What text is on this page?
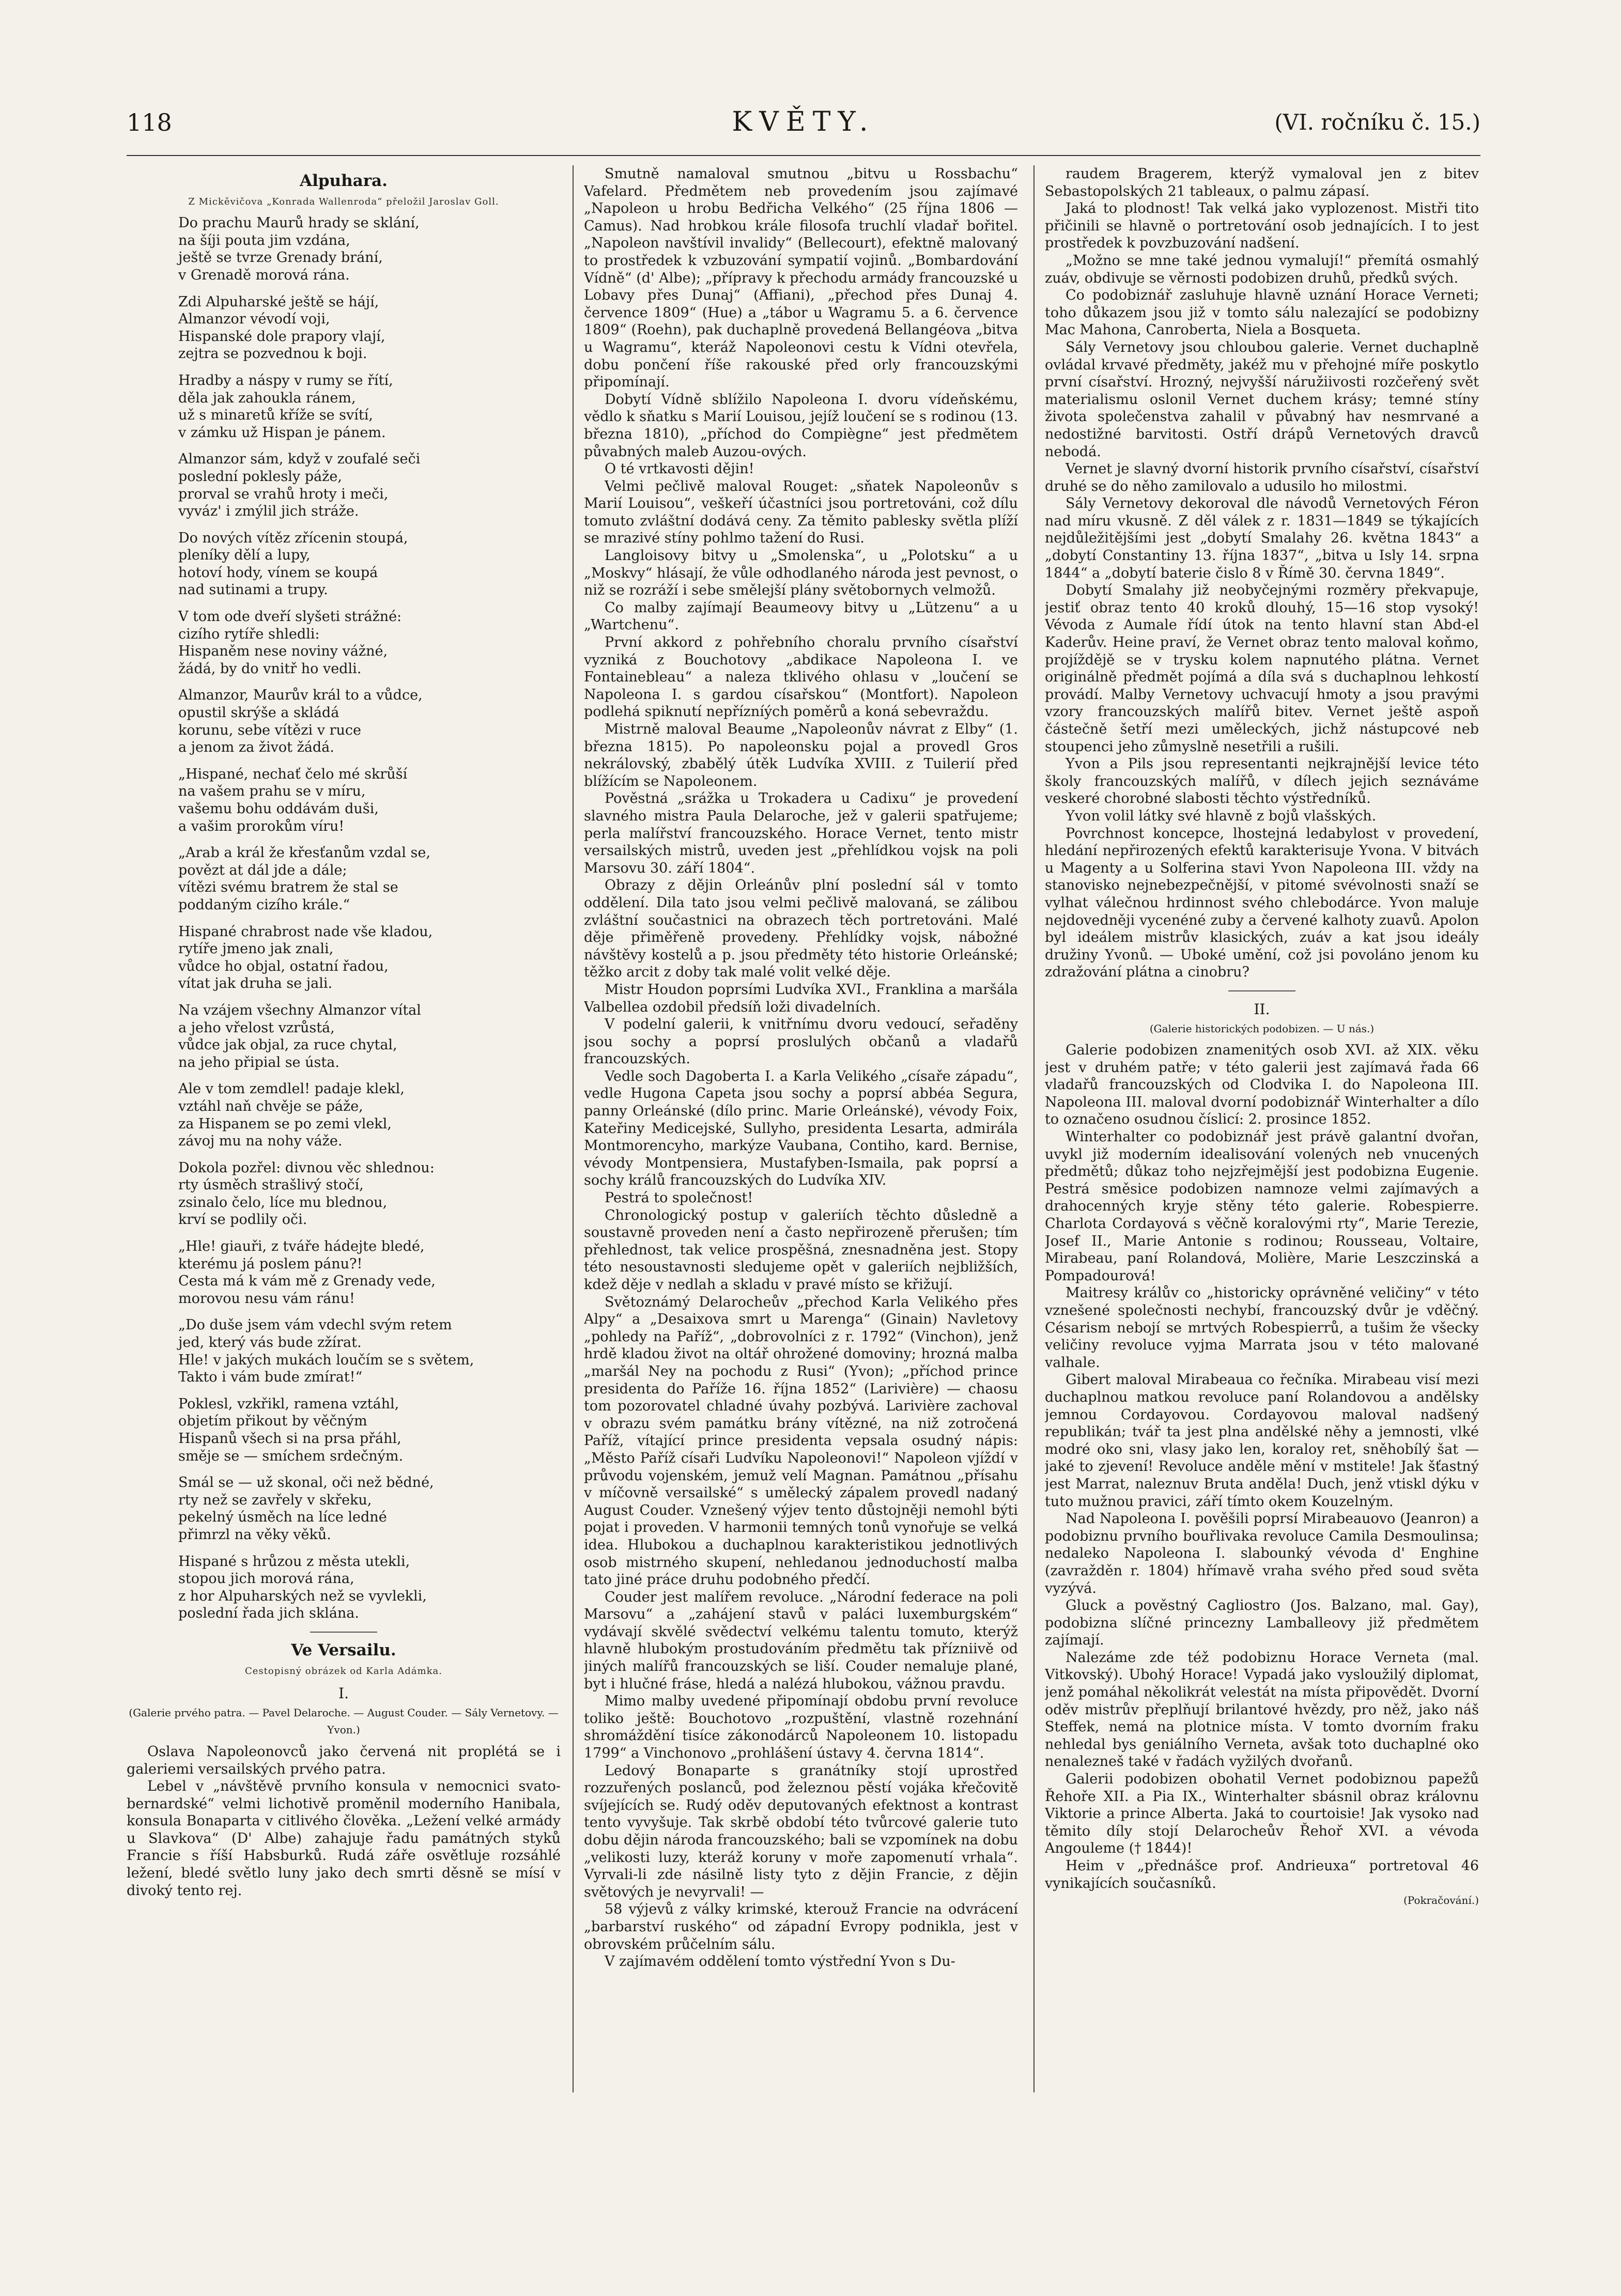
118	KVĚTY.	(VI. ročníku č. 15.)
Alpuhara.
Z Mickěvičova „Konrada Wallenroda“ přeložil Jaroslav Goll.
Do prachu Maurů hrady se sklání,
na šíji pouta jim vzdána,
ještě se tvrze Grenady brání,
v Grenadě morová rána.
Zdi Alpuharské ještě se hájí,
Almanzor vévodí voji,
Hispanské dole prapory vlají,
zejtra se pozvednou k boji.
Hradby a náspy v rumy se řítí,
děla jak zahoukla ránem,
už s minaretů kříže se svítí,
v zámku už Hispan je pánem.
Almanzor sám, když v zoufalé seči
poslední poklesly páže,
prorval se vrahů hroty i meči,
vyváz' i zmýlil jich stráže.
Do nových vítěz zřícenin stoupá,
pleníky dělí a lupy,
hotoví hody, vínem se koupá
nad sutinami a trupy.
V tom ode dveří slyšeti strážné:
cizího rytíře shledli:
Hispaněm nese noviny vážné,
žádá, by do vnitř ho vedli.
Almanzor, Maurův král to a vůdce,
opustil skrýše a skládá
korunu, sebe vítězi v ruce
a jenom za život žádá.
„Hispané, nechať čelo mé skrůší
na vašem prahu se v míru,
vašemu bohu oddávám duši,
a vašim prorokům víru!
„Arab a král že křesťanům vzdal se,
povězt at dál jde a dále;
vítězi svému bratrem že stal se
poddaným cizího krále.“
Hispané chrabrost nade vše kladou,
rytíře jmeno jak znali,
vůdce ho objal, ostatní řadou,
vítat jak druha se jali.
Na vzájem všechny Almanzor vítal
a jeho vřelost vzrůstá,
vůdce jak objal, za ruce chytal,
na jeho připial se ústa.
Ale v tom zemdlel! padaje klekl,
vztáhl naň chvěje se páže,
za Hispanem se po zemi vlekl,
závoj mu na nohy váže.
Dokola pozřel: divnou věc shlednou:
rty úsměch strašlivý stočí,
zsinalo čelo, líce mu blednou,
krví se podlily oči.
„Hle! giauři, z tváře hádejte bledé,
kterému já poslem pánu?!
Cesta má k vám mě z Grenady vede,
morovou nesu vám ránu!
„Do duše jsem vám vdechl svým retem
jed, který vás bude zžírat.
Hle! v jakých mukách loučím se s světem,
Takto i vám bude zmírat!“
Poklesl, vzkřikl, ramena vztáhl,
objetím přikout by věčným
Hispanů všech si na prsa přáhl,
směje se — smíchem srdečným.
Smál se — už skonal, oči než bědné,
rty než se zavřely v skřeku,
pekelný úsměch na líce ledné
přimrzl na věky věků.
Hispané s hrůzou z města utekli,
stopou jich morová rána,
z hor Alpuharských než se vyvlekli,
poslední řada jich sklána.
Ve Versailu.
Cestopisný obrázek od Karla Adámka.
I.
(Galerie prvého patra. — Pavel Delaroche. — August Couder. — Sály Vernetovy. — Yvon.)

Oslava Napoleonovců jako červená nit proplétá se i galeriemi versailských prvého patra.

Lebel v „návštěvě prvního konsula v nemocnici svato-bernardské“ velmi lichotivě proměnil moderního Hanibala, konsula Bonaparta v citlivého člověka. „Ležení velké armády u Slavkova“ (D' Albe) zahajuje řadu památných styků Francie s říší Habsburků. Rudá záře osvětluje rozsáhlé ležení, bledé světlo luny jako dech smrti děsně se mísí v divoký tento rej.

Smutně namaloval smutnou „bitvu u Rossbachu“ Vafelard. Předmětem neb provedením jsou zajímavé „Napoleon u hrobu Bedřicha Velkého“ (25 října 1806 — Camus). Nad hrobkou krále filosofa truchlí vladař bořitel. „Napoleon navštívil invalidy“ (Bellecourt), efektně malovaný to prostředek k vzbuzování sympatií vojinů. „Bombardování Vídně“ (d' Albe); „přípravy k přechodu armády francouzské u Lobavy přes Dunaj“ (Affiani), „přechod přes Dunaj 4. července 1809“ (Hue) a „tábor u Wagramu 5. a 6. července 1809“ (Roehn), pak duchaplně provedená Bellangéova „bitva u Wagramu“, kteráž Napoleonovi cestu k Vídni otevřela, dobu pončení říše rakouské před orly francouzskými připomínají.

Dobytí Vídně sblížilo Napoleona I. dvoru vídeňskému, vědlo k sňatku s Marií Louisou, jejíž loučení se s rodinou (13. března 1810), „příchod do Compiègne“ jest předmětem půvabných maleb Auzou-ových.

O té vrtkavosti dějin!

Velmi pečlivě maloval Rouget: „sňatek Napoleonův s Marií Louisou“, veškeří účastníci jsou portretováni, což dílu tomuto zvláštní dodává ceny. Za těmito pablesky světla plíží se mrazivé stíny pohlmo tažení do Rusi.

Langloisovy bitvy u „Smolenska“, u „Polotsku“ a u „Moskvy“ hlásají, že vůle odhodlaného národa jest pevnost, o niž se rozráží i sebe smělejší plány světobornych velmožů.

Co malby zajímají Beaumeovy bitvy u „Lützenu“ a u „Wartchenu“.

První akkord z pohřebního choralu prvního císařství vyzniká z Bouchotovy „abdikace Napoleona I. ve Fontainebleau“ a naleza tklivého ohlasu v „loučení se Napoleona I. s gardou císařskou“ (Montfort). Napoleon podlehá spiknutí nepřízníých poměrů a koná sebevraždu.

Mistrně maloval Beaume „Napoleonův návrat z Elby“ (1. března 1815). Po napoleonsku pojal a provedl Gros nekrálovský, zbabělý útěk Ludvíka XVIII. z Tuilerií před blížícím se Napoleonem.

Pověstná „srážka u Trokadera u Cadixu“ je provedení slavného mistra Paula Delaroche, jež v galerii spatřujeme; perla malířství francouzského. Horace Vernet, tento mistr versailských mistrů, uveden jest „přehlídkou vojsk na poli Marsovu 30. září 1804“.

Obrazy z dějin Orleánův plní poslední sál v tomto oddělení. Dila tato jsou velmi pečlivě malovaná, se zálibou zvláštní součastnici na obrazech těch portretováni. Malé děje přiměřeně provedeny. Přehlídky vojsk, nábožné návštěvy kostelů a p. jsou předměty této historie Orleánské; těžko arcit z doby tak malé volit velké děje.

Mistr Houdon poprsími Ludvíka XVI., Franklina a maršála Valbellea ozdobil předsíň loži divadelních.

V podelní galerii, k vnitřnímu dvoru vedoucí, seřaděny jsou sochy a poprsí proslulých občanů a vladařů francouzských.

Vedle soch Dagoberta I. a Karla Velikého „císaře západu“, vedle Hugona Capeta jsou sochy a poprsí abbéa Segura, panny Orleánské (dílo princ. Marie Orleánské), vévody Foix, Kateřiny Medicejské, Sullyho, presidenta Lesarta, admirála Montmorencyho, markýze Vaubana, Contiho, kard. Bernise, vévody Montpensiera, Mustafyben-Ismaila, pak poprsí a sochy králů francouzských do Ludvíka XIV.

Pestrá to společnost!

Chronologický postup v galeriích těchto důsledně a soustavně proveden není a často nepřirozeně přerušen; tím přehlednost, tak velice prospěšná, znesnadněna jest. Stopy této nesoustavnosti sledujeme opět v galeriích nejbližších, kdež děje v nedlah a skladu v pravé místo se křižují.

Světoznámý Delarocheův „přechod Karla Velikého přes Alpy“ a „Desaixova smrt u Marenga“ (Ginain) Navletovy „pohledy na Paříž“, „dobrovolníci z r. 1792“ (Vinchon), jenž hrdě kladou život na oltář ohrožené domoviny; hrozná malba „maršál Ney na pochodu z Rusi“ (Yvon); „příchod prince presidenta do Paříže 16. října 1852“ (Larivière) — chaosu tom pozorovatel chladné úvahy pozbývá. Larivière zachoval v obrazu svém památku brány vítězné, na niž zotročená Paříž, vítající prince presidenta vepsala osudný nápis: „Město Paříž císaři Ludvíku Napoleonovi!“ Napoleon vjíždí v průvodu vojenském, jemuž velí Magnan. Památnou „přísahu v míčovně versailské“ s umělecký zápalem provedl nadaný August Couder. Vznešený výjev tento důstojněji nemohl býti pojat i proveden. V harmonii temných tonů vynořuje se velká idea. Hlubokou a duchaplnou karakteristikou jednotlivých osob mistrného skupení, nehledanou jednoduchostí malba tato jiné práce druhu podobného předčí.

Couder jest malířem revoluce. „Národní federace na poli Marsovu“ a „zahájení stavů v paláci luxemburgském“ vydávají skvělé svědectví velkému talentu tomuto, kterýž hlavně hlubokým prostudováním předmětu tak přízniivě od jiných malířů francouzských se liší. Couder nemaluje plané, byt i hlučné fráse, hledá a nalézá hlubokou, vážnou pravdu.

Mimo malby uvedené připomínají obdobu první revoluce toliko ještě: Bouchotovo „rozpuštění, vlastně rozehnání shromáždění tisíce zákonodárců Napoleonem 10. listopadu 1799“ a Vinchonovo „prohlášení ústavy 4. června 1814“.

Ledový Bonaparte s granátníky stojí uprostřed rozzuřených poslanců, pod železnou pěstí vojáka křečovitě svíjejících se. Rudý oděv deputovaných efektnost a kontrast tento vyvyšuje. Tak skrbě období této tvůrcové galerie tuto dobu dějin národa francouzského; bali se vzpomínek na dobu „velikosti luzy, kteráž koruny v moře zapomenutí vrhala“. Vyrvali-li zde násilně listy tyto z dějin Francie, z dějin světových je nevyrvali! —

58 výjevů z války krimské, kterouž Francie na odvrácení „barbarství ruského“ od západní Evropy podnikla, jest v obrovském průčelním sálu.

V zajímavém oddělení tomto výstřední Yvon s Du-

raudem Bragerem, kterýž vymaloval jen z bitev Sebastopolských 21 tableaux, o palmu zápasí.

Jaká to plodnost! Tak velká jako vyplozenost. Mistři tito přičinili se hlavně o portretování osob jednajících. I to jest prostředek k povzbuzování nadšení.

„Možno se mne také jednou vymalují!“ přemítá osmahlý zuáv, obdivuje se věrnosti podobizen druhů, předků svých.

Co podobiznář zasluhuje hlavně uznání Horace Verneti; toho důkazem jsou již v tomto sálu nalezající se podobizny Mac Mahona, Canroberta, Niela a Bosqueta.

Sály Vernetovy jsou chloubou galerie. Vernet duchaplně ovládal krvavé předměty, jakéž mu v přehojné míře poskytlo první císařství. Hrozný, nejvyšší náružiivosti rozčeřený svět materialismu oslonil Vernet duchem krásy; temné stíny života společenstva zahalil v půvabný hav nesmrvané a nedostižné barvitosti. Ostří drápů Vernetových dravců nebodá.

Vernet je slavný dvorní historik prvního císařství, císařství druhé se do něho zamilovalo a udusilo ho milostmi.

Sály Vernetovy dekoroval dle návodů Vernetových Féron nad míru vkusně. Z děl válek z r. 1831—1849 se týkajících nejdůležitějšími jest „dobytí Smalahy 26. května 1843“ a „dobytí Constantiny 13. října 1837“, „bitva u Isly 14. srpna 1844“ a „dobytí baterie čislo 8 v Římě 30. června 1849“.

Dobytí Smalahy již neobyčejnými rozměry překvapuje, jestiť obraz tento 40 kroků dlouhý, 15—16 stop vysoký! Vévoda z Aumale řídí útok na tento hlavní stan Abd-el Kaderův. Heine praví, že Vernet obraz tento maloval koňmo, projíždějě se v trysku kolem napnutého plátna. Vernet originálně předmět pojímá a díla svá s duchaplnou lehkostí provádí. Malby Vernetovy uchvacují hmoty a jsou pravými vzory francouzských malířů bitev. Vernet ještě aspoň částečně šetří mezi uměleckých, jichž nástupcové neb stoupenci jeho zůmyslně nesetřili a rušili.

Yvon a Pils jsou representanti nejkrajnější levice této školy francouzských malířů, v dílech jejich seznáváme veskeré chorobné slabosti těchto výstředníků.

Yvon volil látky své hlavně z bojů vlašských.

Povrchnost koncepce, lhostejná ledabylost v provedení, hledání nepřirozených efektů karakterisuje Yvona. V bitvách u Magenty a u Solferina stavi Yvon Napoleona III. vždy na stanovisko nejnebezpečnější, v pitomé svévolnosti snaží se vylhat válečnou hrdinnost svého chlebodárce. Yvon maluje nejdovedněji vycenéné zuby a červené kalhoty zuavů. Apolon byl ideálem mistrův klasických, zuáv a kat jsou ideály družiny Yvonů. — Uboké umění, což jsi povoláno jenom ku zdražování plátna a cinobru?

II.
(Galerie historických podobizen. — U nás.)

Galerie podobizen znamenitých osob XVI. až XIX. věku jest v druhém patře; v této galerii jest zajímavá řada 66 vladařů francouzských od Clodvika I. do Napoleona III. Napoleona III. maloval dvorní podobiznář Winterhalter a dílo to označeno osudnou číslicí: 2. prosince 1852.

Winterhalter co podobiznář jest právě galantní dvořan, uvykl již moderním idealisování volených neb vnucených předmětů; důkaz toho nejzřejmější jest podobizna Eugenie. Pestrá směsice podobizen namnoze velmi zajímavých a drahocenných kryje stěny této galerie. Robespierre. Charlota Cordayová s věčně koralovými rty“, Marie Terezie, Josef II., Marie Antonie s rodinou; Rousseau, Voltaire, Mirabeau, paní Rolandová, Molière, Marie Leszczinská a Pompadourová!

Maitresy králův co „historicky oprávněné veličiny“ v této vznešené společnosti nechybí, francouzský dvůr je vděčný. Césarism nebojí se mrtvých Robespierrů, a tušim že všecky veličiny revoluce vyjma Marrata jsou v této malované valhale.

Gibert maloval Mirabeaua co řečníka. Mirabeau visí mezi duchaplnou matkou revoluce paní Rolandovou a andělsky jemnou Cordayovou. Cordayovou maloval nadšený republikán; tvář ta jest plna andělské něhy a jemnosti, vlké modré oko sni, vlasy jako len, koraloy ret, sněhobílý šat — jaké to zjevení! Revoluce anděle mění v mstitele! Jak šťastný jest Marrat, naleznuv Bruta anděla! Duch, jenž vtiskl dýku v tuto mužnou pravici, září tímto okem Kouzelným.

Nad Napoleona I. pověšili poprsí Mirabeauovo (Jeanron) a podobiznu prvního bouřlivaka revoluce Camila Desmoulinsa; nedaleko Napoleona I. slabounký vévoda d' Enghine (zavražděn r. 1804) hřímavě vraha svého před soud světa vyzývá.

Gluck a pověstný Cagliostro (Jos. Balzano, mal. Gay), podobizna slíčné princezny Lamballeovy již předmětem zajímají.

Nalezáme zde též podobiznu Horace Verneta (mal. Vitkovský). Ubohý Horace! Vypadá jako vysloužilý diplomat, jenž pomáhal několikrát velestát na místa připovědět. Dvorní oděv mistrův přeplňují brilantové hvězdy, pro něž, jako náš Steffek, nemá na plotnice místa. V tomto dvorním fraku nehledal bys geniálního Verneta, avšak toto duchaplné oko nenalezneš také v řadách vyžilých dvořanů.

Galerii podobizen obohatil Vernet podobiznou papežů Řehoře XII. a Pia IX., Winterhalter sbásnil obraz královnu Viktorie a prince Alberta. Jaká to courtoisie! Jak vysoko nad těmito díly stojí Delarocheův Řehoř XVI. a vévoda Angouleme († 1844)!

Heim v „přednášce prof. Andrieuxa“ portretoval 46 vynikajících současníků.

(Pokračování.)
